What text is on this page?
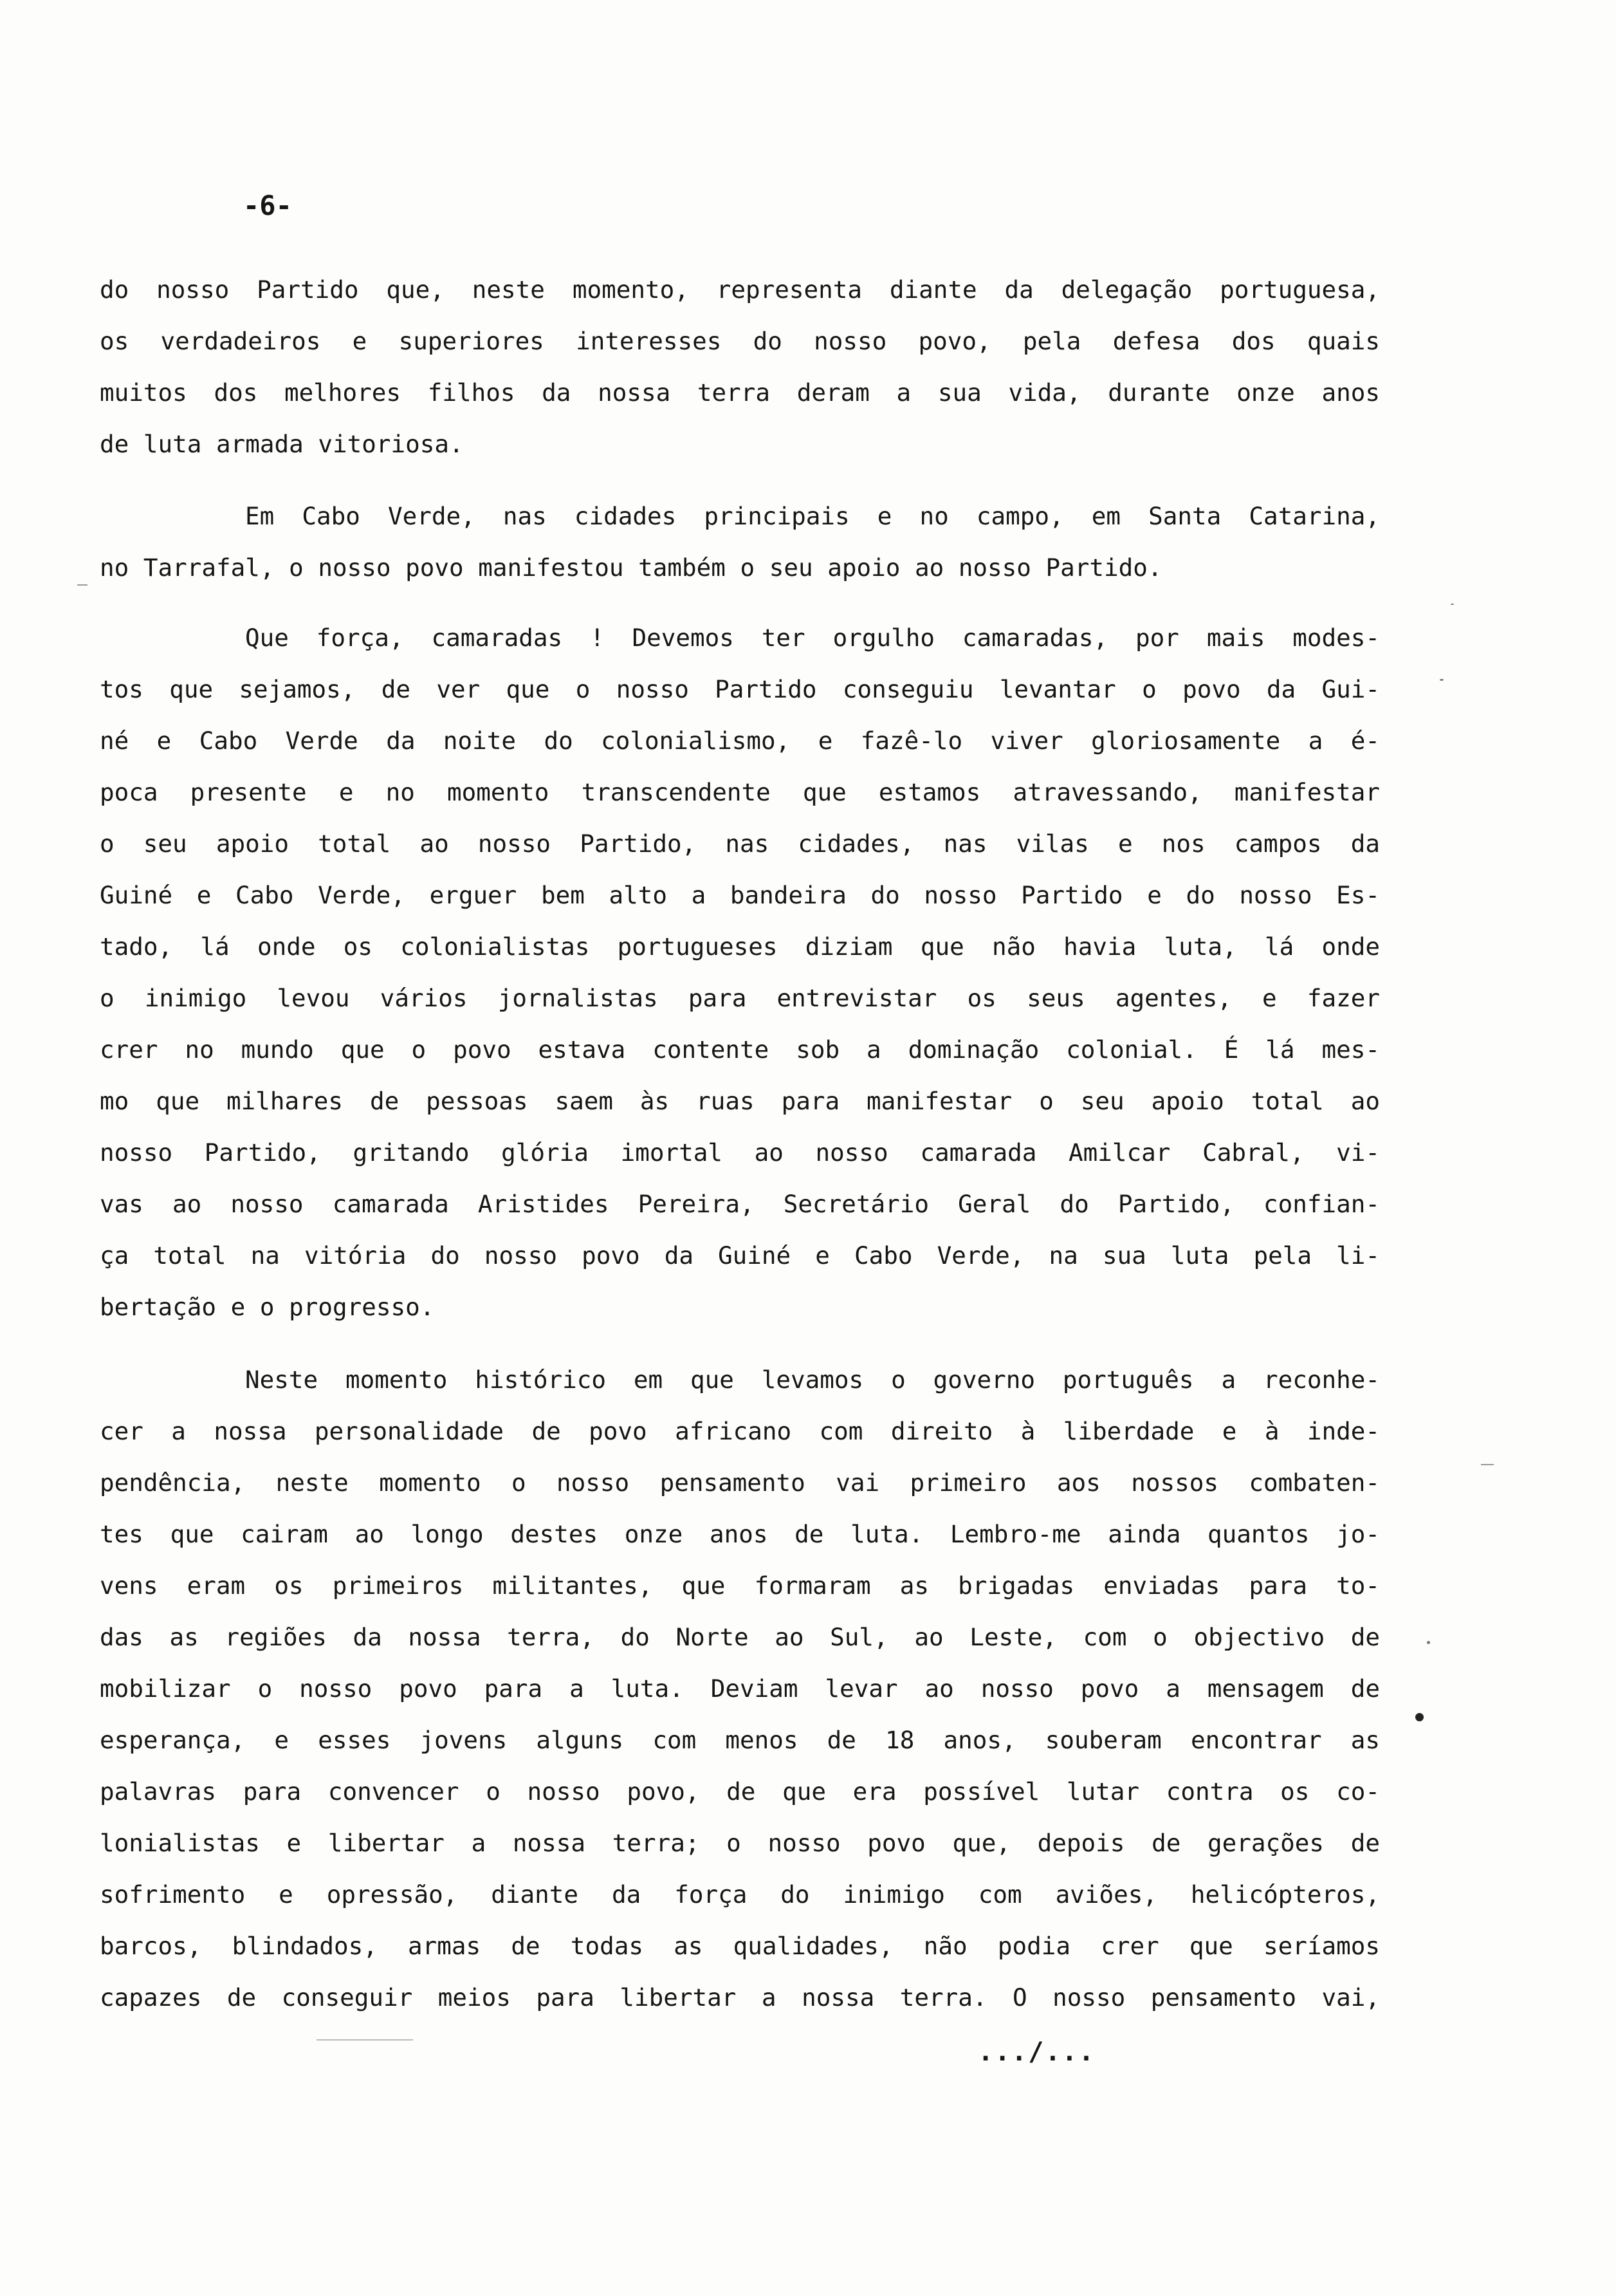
-6-
do nosso Partido que, neste momento, representa diante da delegação portuguesa,
os verdadeiros e superiores interesses do nosso povo, pela defesa dos quais
muitos dos melhores filhos da nossa terra deram a sua vida, durante onze anos
de luta armada vitoriosa.
Em Cabo Verde, nas cidades principais e no campo, em Santa Catarina,
no Tarrafal, o nosso povo manifestou também o seu apoio ao nosso Partido.
Que força, camaradas ! Devemos ter orgulho camaradas, por mais modes-
tos que sejamos, de ver que o nosso Partido conseguiu levantar o povo da Gui-
né e Cabo Verde da noite do colonialismo, e fazê-lo viver gloriosamente a é-
poca presente e no momento transcendente que estamos atravessando, manifestar
o seu apoio total ao nosso Partido, nas cidades, nas vilas e nos campos da
Guiné e Cabo Verde, erguer bem alto a bandeira do nosso Partido e do nosso Es-
tado, lá onde os colonialistas portugueses diziam que não havia luta, lá onde
o inimigo levou vários jornalistas para entrevistar os seus agentes, e fazer
crer no mundo que o povo estava contente sob a dominação colonial. É lá mes-
mo que milhares de pessoas saem às ruas para manifestar o seu apoio total ao
nosso Partido, gritando glória imortal ao nosso camarada Amilcar Cabral, vi-
vas ao nosso camarada Aristides Pereira, Secretário Geral do Partido, confian-
ça total na vitória do nosso povo da Guiné e Cabo Verde, na sua luta pela li-
bertação e o progresso.
Neste momento histórico em que levamos o governo português a reconhe-
cer a nossa personalidade de povo africano com direito à liberdade e à inde-
pendência, neste momento o nosso pensamento vai primeiro aos nossos combaten-
tes que cairam ao longo destes onze anos de luta. Lembro-me ainda quantos jo-
vens eram os primeiros militantes, que formaram as brigadas enviadas para to-
das as regiões da nossa terra, do Norte ao Sul, ao Leste, com o objectivo de
mobilizar o nosso povo para a luta. Deviam levar ao nosso povo a mensagem de
esperança, e esses jovens alguns com menos de 18 anos, souberam encontrar as
palavras para convencer o nosso povo, de que era possível lutar contra os co-
lonialistas e libertar a nossa terra; o nosso povo que, depois de gerações de
sofrimento e opressão, diante da força do inimigo com aviões, helicópteros,
barcos, blindados, armas de todas as qualidades, não podia crer que seríamos
capazes de conseguir meios para libertar a nossa terra. O nosso pensamento vai,
.../...
